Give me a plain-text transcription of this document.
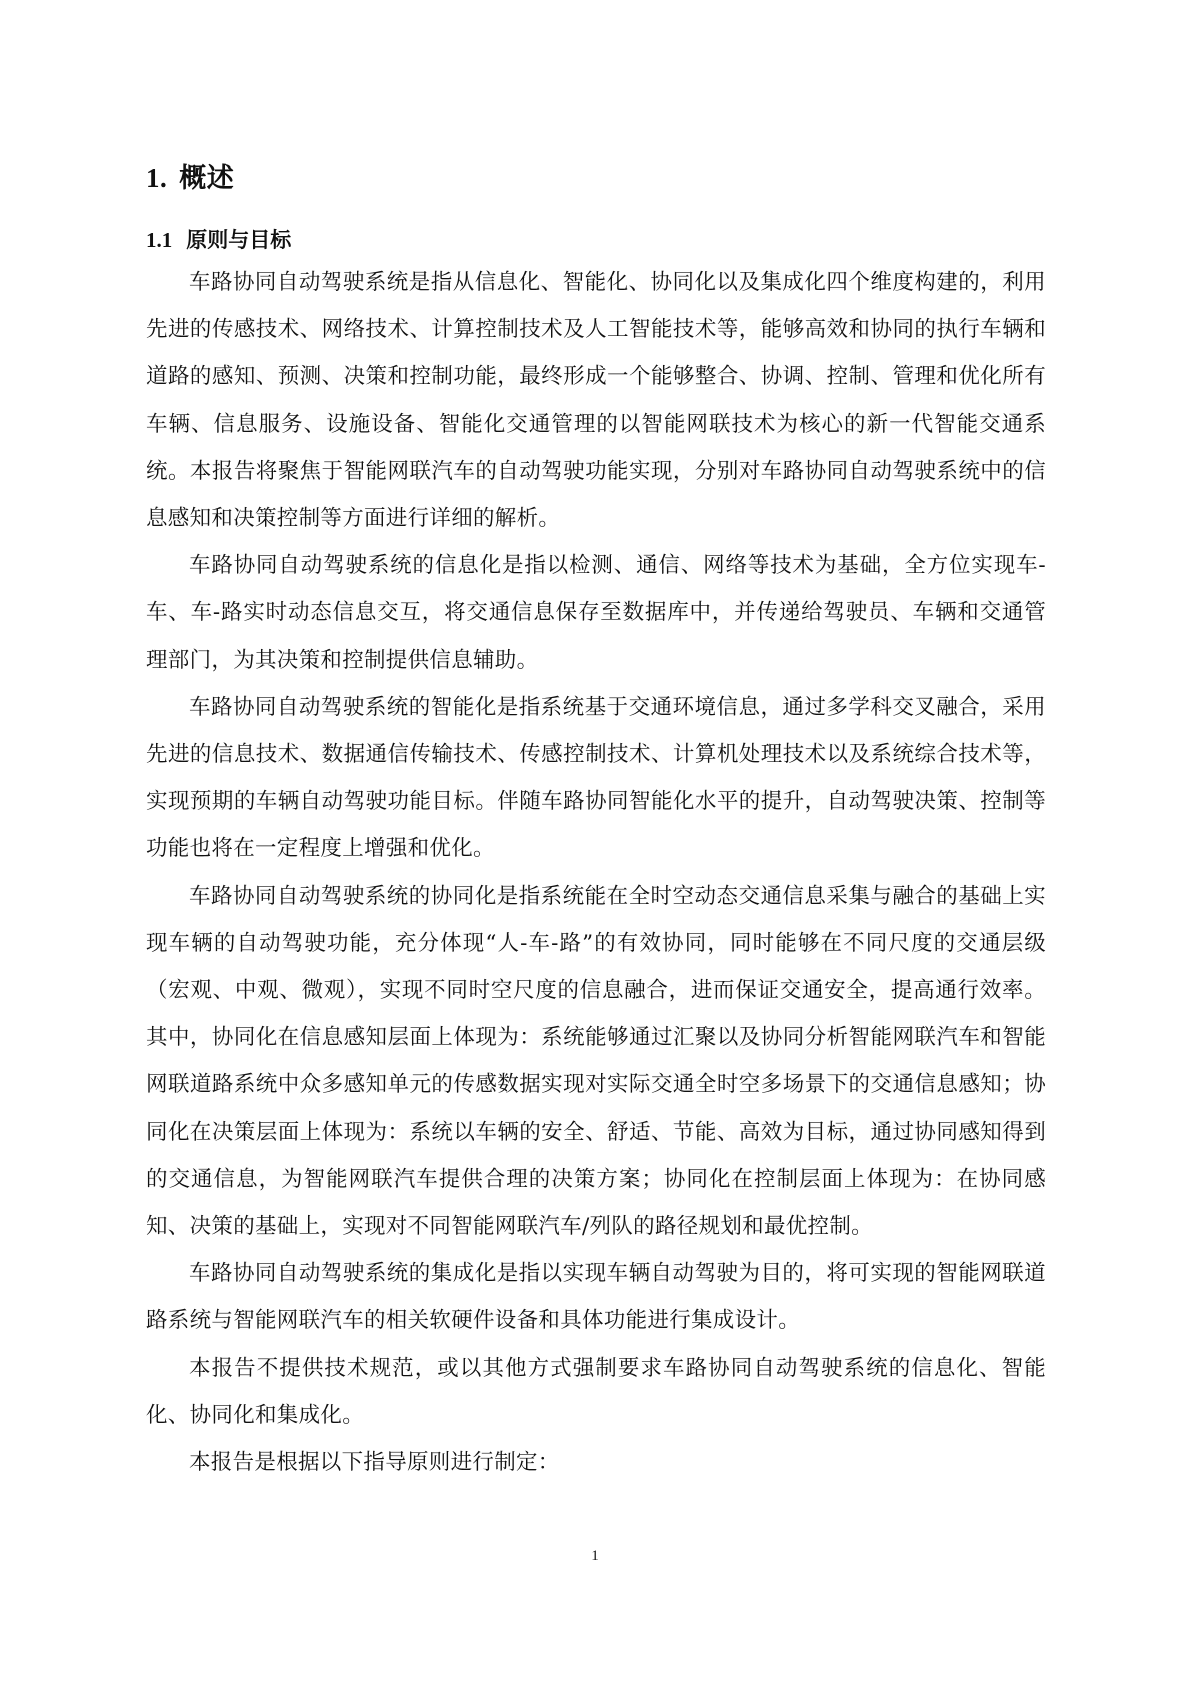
1. 概述
1.1 原则与目标

车路协同自动驾驶系统是指从信息化、智能化、协同化以及集成化四个维度构建的，利用先进的传感技术、网络技术、计算控制技术及人工智能技术等，能够高效和协同的执行车辆和道路的感知、预测、决策和控制功能，最终形成一个能够整合、协调、控制、管理和优化所有车辆、信息服务、设施设备、智能化交通管理的以智能网联技术为核心的新一代智能交通系统。本报告将聚焦于智能网联汽车的自动驾驶功能实现，分别对车路协同自动驾驶系统中的信息感知和决策控制等方面进行详细的解析。

车路协同自动驾驶系统的信息化是指以检测、通信、网络等技术为基础，全方位实现车-车、车-路实时动态信息交互，将交通信息保存至数据库中，并传递给驾驶员、车辆和交通管理部门，为其决策和控制提供信息辅助。

车路协同自动驾驶系统的智能化是指系统基于交通环境信息，通过多学科交叉融合，采用先进的信息技术、数据通信传输技术、传感控制技术、计算机处理技术以及系统综合技术等，实现预期的车辆自动驾驶功能目标。伴随车路协同智能化水平的提升，自动驾驶决策、控制等功能也将在一定程度上增强和优化。

车路协同自动驾驶系统的协同化是指系统能在全时空动态交通信息采集与融合的基础上实现车辆的自动驾驶功能，充分体现“人-车-路”的有效协同，同时能够在不同尺度的交通层级（宏观、中观、微观），实现不同时空尺度的信息融合，进而保证交通安全，提高通行效率。其中，协同化在信息感知层面上体现为：系统能够通过汇聚以及协同分析智能网联汽车和智能网联道路系统中众多感知单元的传感数据实现对实际交通全时空多场景下的交通信息感知；协同化在决策层面上体现为：系统以车辆的安全、舒适、节能、高效为目标，通过协同感知得到的交通信息，为智能网联汽车提供合理的决策方案；协同化在控制层面上体现为：在协同感知、决策的基础上，实现对不同智能网联汽车/列队的路径规划和最优控制。

车路协同自动驾驶系统的集成化是指以实现车辆自动驾驶为目的，将可实现的智能网联道路系统与智能网联汽车的相关软硬件设备和具体功能进行集成设计。

本报告不提供技术规范，或以其他方式强制要求车路协同自动驾驶系统的信息化、智能化、协同化和集成化。

本报告是根据以下指导原则进行制定：

1
